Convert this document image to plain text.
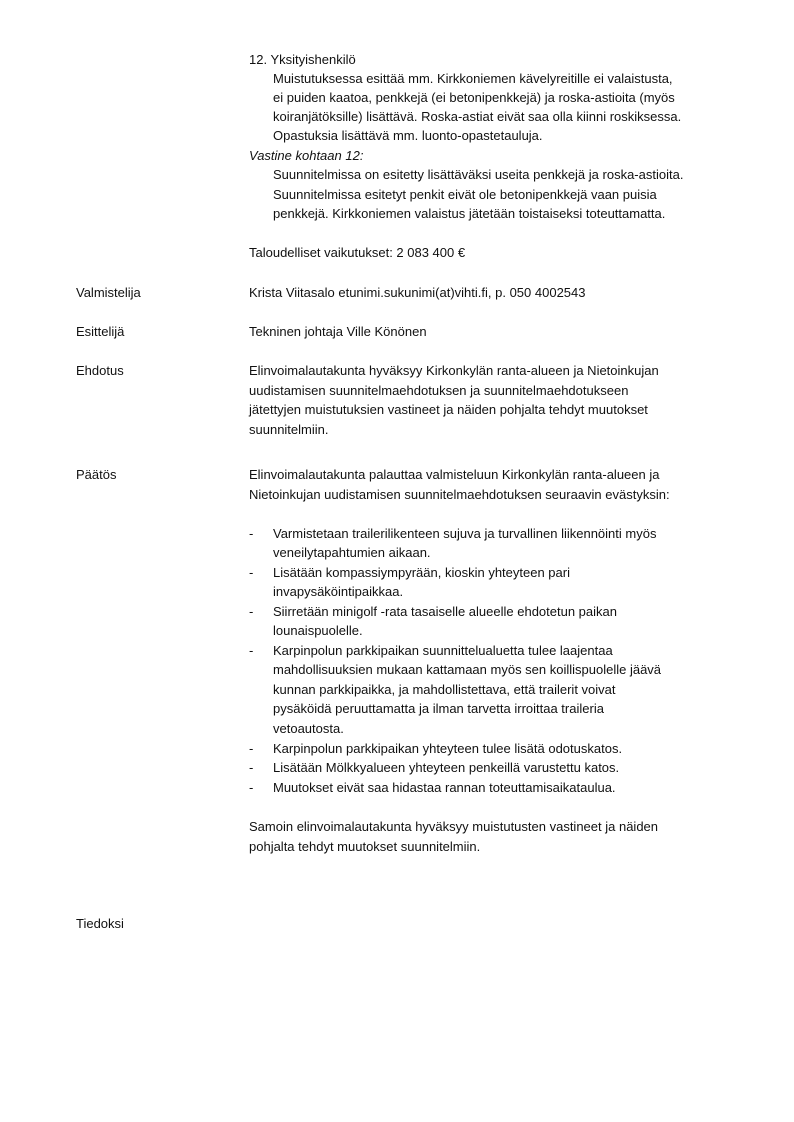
12. Yksityishenkilö
Muistutuksessa esittää mm. Kirkkoniemen kävelyreitille ei valaistusta,
ei puiden kaatoa, penkkejä (ei betonipenkkejä) ja roska-astioita (myös
koiranjätöksille) lisättävä. Roska-astiat eivät saa olla kiinni roskiksessa.
Opastuksia lisättävä mm. luonto-opastetauluja.
Vastine kohtaan 12:
Suunnitelmissa on esitetty lisättäväksi useita penkkejä ja roska-astioita.
Suunnitelmissa esitetyt penkit eivät ole betonipenkkejä vaan puisia
penkkejä. Kirkkoniemen valaistus jätetään toistaiseksi toteuttamatta.
Taloudelliset vaikutukset: 2 083 400 €
Valmistelija	Krista Viitasalo etunimi.sukunimi(at)vihti.fi, p. 050 4002543
Esittelijä	Tekninen johtaja Ville Könönen
Ehdotus	Elinvoimalautakunta hyväksyy Kirkonkylän ranta-alueen ja Nietoinkujan
uudistamisen suunnitelmaehdotuksen ja suunnitelmaehdotukseen
jätettyjen muistutuksien vastineet ja näiden pohjalta tehdyt muutokset
suunnitelmiin.
Päätös	Elinvoimalautakunta palauttaa valmisteluun Kirkonkylän ranta-alueen ja
Nietoinkujan uudistamisen suunnitelmaehdotuksen seuraavin evästyksin:
- Varmistetaan trailerilikenteen sujuva ja turvallinen liikennöinti myös
veneilytapahtumien aikaan.
- Lisätään kompassiympyrään, kioskin yhteyteen pari
invapysäköintipaikkaa.
- Siirretään minigolf -rata tasaiselle alueelle ehdotetun paikan
lounaispuolelle.
- Karpinpolun parkkipaikan suunnittelualuetta tulee laajentaa
mahdollisuuksien mukaan kattamaan myös sen koillispuolelle jäävä
kunnan parkkipaikka, ja mahdollistettava, että trailerit voivat
pysäköidä peruuttamatta ja ilman tarvetta irroittaa traileria
vetoautosta.
- Karpinpolun parkkipaikan yhteyteen tulee lisätä odotuskatos.
- Lisätään Mölkkyalueen yhteyteen penkeillä varustettu katos.
- Muutokset eivät saa hidastaa rannan toteuttamisaikataulua.
Samoin elinvoimalautakunta hyväksyy muistutusten vastineet ja näiden
pohjalta tehdyt muutokset suunnitelmiin.
Tiedoksi
